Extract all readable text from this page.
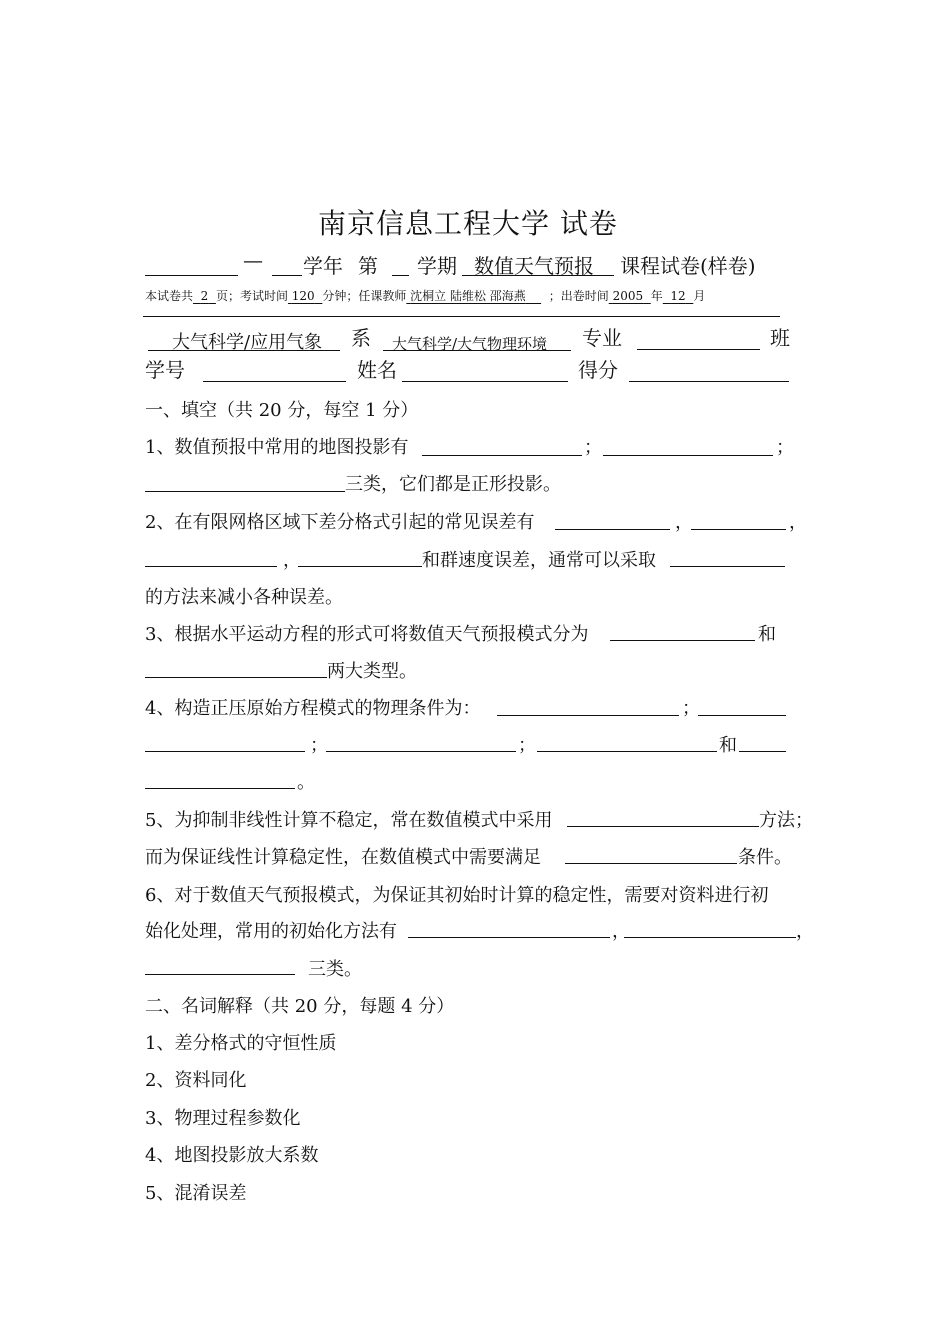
南京信息工程大学 试卷
— 学年 第 学期 数值天气预报 课程试卷(样卷)
本试卷共 2 页；考试时间 120 分钟；任课教师 沈桐立 陆维松 邵海燕 ；出卷时间 2005 年 12 月
大气科学/应用气象 系 大气科学/大气物理环境 专业	班
学号	姓名	得分
一、填空（共 20 分，每空 1 分）
1、数值预报中常用的地图投影有	；	；
三类，它们都是正形投影。
2、在有限网格区域下差分格式引起的常见误差有	，	，
，	和群速度误差，通常可以采取
的方法来减小各种误差。
3、根据水平运动方程的形式可将数值天气预报模式分为	和
两大类型。
4、构造正压原始方程模式的物理条件为：	；
；	；	和
。
5、为抑制非线性计算不稳定，常在数值模式中采用	方法；
而为保证线性计算稳定性，在数值模式中需要满足	条件。
6、对于数值天气预报模式，为保证其初始时计算的稳定性，需要对资料进行初
始化处理，常用的初始化方法有	，	，
三类。
二、名词解释（共 20 分，每题 4 分）
1、差分格式的守恒性质
2、资料同化
3、物理过程参数化
4、地图投影放大系数
5、混淆误差
